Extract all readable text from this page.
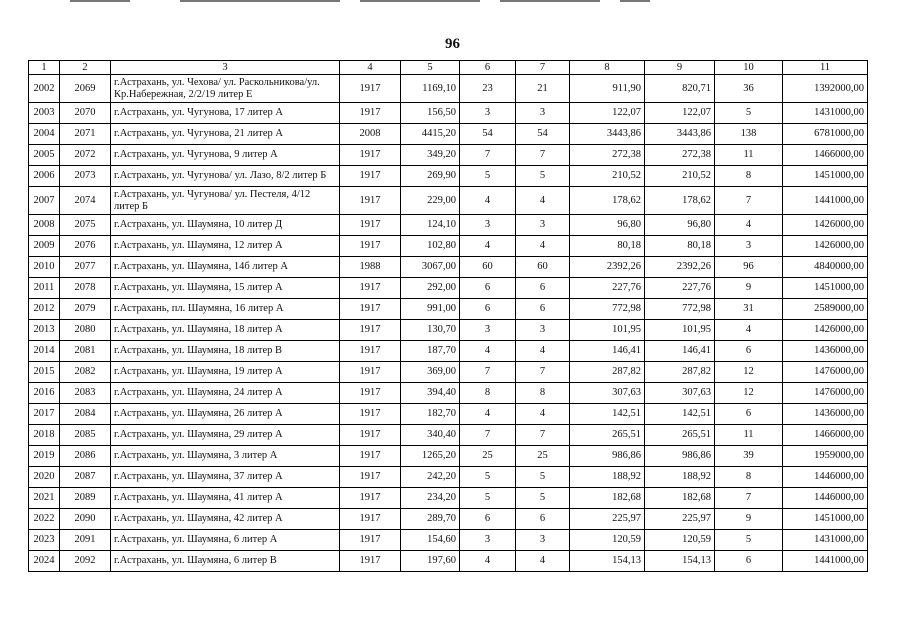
96
1	2	3	4	5	6	7	8	9	10	11
2002	2069	г.Астрахань, ул. Чехова/ ул. Раскольникова/ул. Кр.Набережная, 2/2/19 литер Е	1917	1169,10	23	21	911,90	820,71	36	1392000,00
2003	2070	г.Астрахань, ул. Чугунова, 17 литер А	1917	156,50	3	3	122,07	122,07	5	1431000,00
2004	2071	г.Астрахань, ул. Чугунова, 21 литер А	2008	4415,20	54	54	3443,86	3443,86	138	6781000,00
2005	2072	г.Астрахань, ул. Чугунова, 9 литер А	1917	349,20	7	7	272,38	272,38	11	1466000,00
2006	2073	г.Астрахань, ул. Чугунова/ ул. Лазо, 8/2 литер Б	1917	269,90	5	5	210,52	210,52	8	1451000,00
2007	2074	г.Астрахань, ул. Чугунова/ ул. Пестеля, 4/12 литер Б	1917	229,00	4	4	178,62	178,62	7	1441000,00
2008	2075	г.Астрахань, ул. Шаумяна, 10 литер Д	1917	124,10	3	3	96,80	96,80	4	1426000,00
2009	2076	г.Астрахань, ул. Шаумяна, 12 литер А	1917	102,80	4	4	80,18	80,18	3	1426000,00
2010	2077	г.Астрахань, ул. Шаумяна, 14б литер А	1988	3067,00	60	60	2392,26	2392,26	96	4840000,00
2011	2078	г.Астрахань, ул. Шаумяна, 15 литер А	1917	292,00	6	6	227,76	227,76	9	1451000,00
2012	2079	г.Астрахань, пл. Шаумяна, 16 литер А	1917	991,00	6	6	772,98	772,98	31	2589000,00
2013	2080	г.Астрахань, ул. Шаумяна, 18 литер А	1917	130,70	3	3	101,95	101,95	4	1426000,00
2014	2081	г.Астрахань, ул. Шаумяна, 18 литер В	1917	187,70	4	4	146,41	146,41	6	1436000,00
2015	2082	г.Астрахань, ул. Шаумяна, 19 литер А	1917	369,00	7	7	287,82	287,82	12	1476000,00
2016	2083	г.Астрахань, ул. Шаумяна, 24 литер А	1917	394,40	8	8	307,63	307,63	12	1476000,00
2017	2084	г.Астрахань, ул. Шаумяна, 26 литер А	1917	182,70	4	4	142,51	142,51	6	1436000,00
2018	2085	г.Астрахань, ул. Шаумяна, 29 литер А	1917	340,40	7	7	265,51	265,51	11	1466000,00
2019	2086	г.Астрахань, ул. Шаумяна, 3 литер А	1917	1265,20	25	25	986,86	986,86	39	1959000,00
2020	2087	г.Астрахань, ул. Шаумяна, 37 литер А	1917	242,20	5	5	188,92	188,92	8	1446000,00
2021	2089	г.Астрахань, ул. Шаумяна, 41 литер А	1917	234,20	5	5	182,68	182,68	7	1446000,00
2022	2090	г.Астрахань, ул. Шаумяна, 42 литер А	1917	289,70	6	6	225,97	225,97	9	1451000,00
2023	2091	г.Астрахань, ул. Шаумяна, 6 литер А	1917	154,60	3	3	120,59	120,59	5	1431000,00
2024	2092	г.Астрахань, ул. Шаумяна, 6 литер В	1917	197,60	4	4	154,13	154,13	6	1441000,00
